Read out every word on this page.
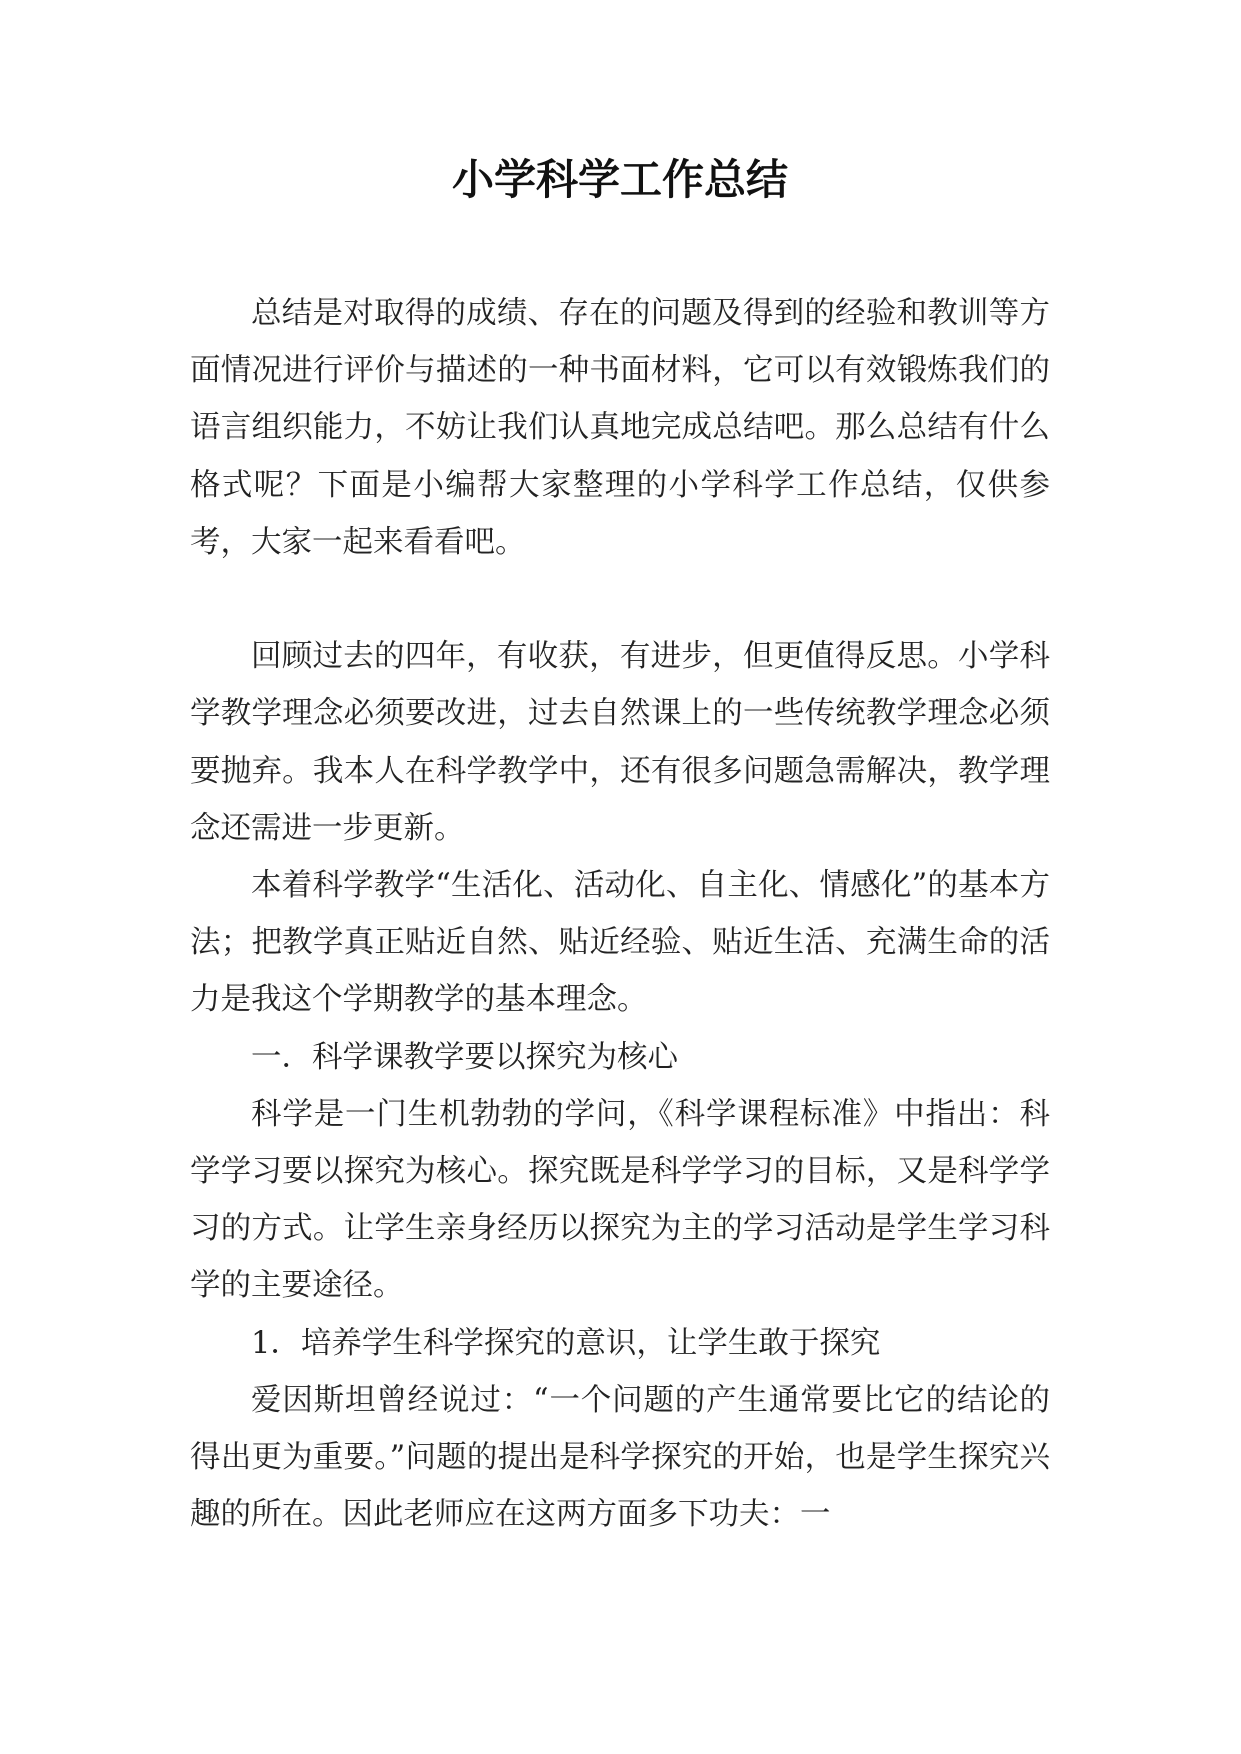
小学科学工作总结

总结是对取得的成绩、存在的问题及得到的经验和教训等方面情况进行评价与描述的一种书面材料，它可以有效锻炼我们的语言组织能力，不妨让我们认真地完成总结吧。那么总结有什么格式呢？下面是小编帮大家整理的小学科学工作总结，仅供参考，大家一起来看看吧。

回顾过去的四年，有收获，有进步，但更值得反思。小学科学教学理念必须要改进，过去自然课上的一些传统教学理念必须要抛弃。我本人在科学教学中，还有很多问题急需解决，教学理念还需进一步更新。

本着科学教学“生活化、活动化、自主化、情感化”的基本方法；把教学真正贴近自然、贴近经验、贴近生活、充满生命的活力是我这个学期教学的基本理念。

一．科学课教学要以探究为核心

科学是一门生机勃勃的学问，《科学课程标准》中指出：科学学习要以探究为核心。探究既是科学学习的目标，又是科学学习的方式。让学生亲身经历以探究为主的学习活动是学生学习科学的主要途径。

1．培养学生科学探究的意识，让学生敢于探究

爱因斯坦曾经说过：“一个问题的产生通常要比它的结论的得出更为重要。”问题的提出是科学探究的开始，也是学生探究兴趣的所在。因此老师应在这两方面多下功夫：一
